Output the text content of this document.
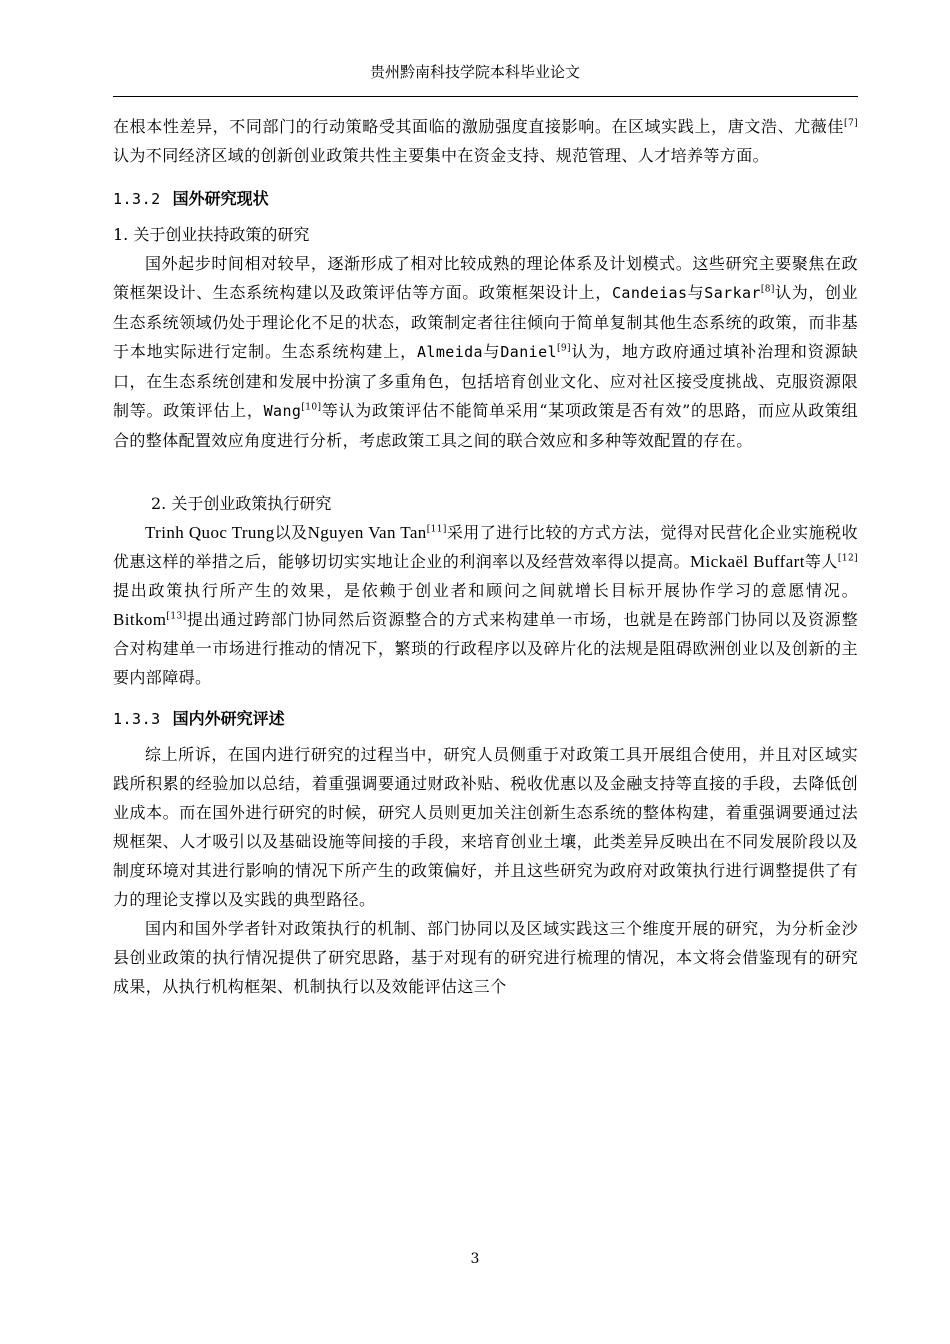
贵州黔南科技学院本科毕业论文

在根本性差异，不同部门的行动策略受其面临的激励强度直接影响。在区域实践上，唐文浩、尤薇佳[7]认为不同经济区域的创新创业政策共性主要集中在资金支持、规范管理、人才培养等方面。

1.3.2 国外研究现状

1. 关于创业扶持政策的研究

国外起步时间相对较早，逐渐形成了相对比较成熟的理论体系及计划模式。这些研究主要聚焦在政策框架设计、生态系统构建以及政策评估等方面。政策框架设计上，Candeias与Sarkar[8]认为，创业生态系统领域仍处于理论化不足的状态，政策制定者往往倾向于简单复制其他生态系统的政策，而非基于本地实际进行定制。生态系统构建上，Almeida与Daniel[9]认为，地方政府通过填补治理和资源缺口，在生态系统创建和发展中扮演了多重角色，包括培育创业文化、应对社区接受度挑战、克服资源限制等。政策评估上，Wang[10]等认为政策评估不能简单采用“某项政策是否有效”的思路，而应从政策组合的整体配置效应角度进行分析，考虑政策工具之间的联合效应和多种等效配置的存在。

2. 关于创业政策执行研究

Trinh Quoc Trung以及Nguyen Van Tan[11]采用了进行比较的方式方法，觉得对民营化企业实施税收优惠这样的举措之后，能够切切实实地让企业的利润率以及经营效率得以提高。Mickaël Buffart等人[12]提出政策执行所产生的效果，是依赖于创业者和顾问之间就增长目标开展协作学习的意愿情况。Bitkom[13]提出通过跨部门协同然后资源整合的方式来构建单一市场，也就是在跨部门协同以及资源整合对构建单一市场进行推动的情况下，繁琐的行政程序以及碎片化的法规是阻碍欧洲创业以及创新的主要内部障碍。

1.3.3 国内外研究评述

综上所诉，在国内进行研究的过程当中，研究人员侧重于对政策工具开展组合使用，并且对区域实践所积累的经验加以总结，着重强调要通过财政补贴、税收优惠以及金融支持等直接的手段，去降低创业成本。而在国外进行研究的时候，研究人员则更加关注创新生态系统的整体构建，着重强调要通过法规框架、人才吸引以及基础设施等间接的手段，来培育创业土壤，此类差异反映出在不同发展阶段以及制度环境对其进行影响的情况下所产生的政策偏好，并且这些研究为政府对政策执行进行调整提供了有力的理论支撑以及实践的典型路径。

国内和国外学者针对政策执行的机制、部门协同以及区域实践这三个维度开展的研究，为分析金沙县创业政策的执行情况提供了研究思路，基于对现有的研究进行梳理的情况，本文将会借鉴现有的研究成果，从执行机构框架、机制执行以及效能评估这三个

3
